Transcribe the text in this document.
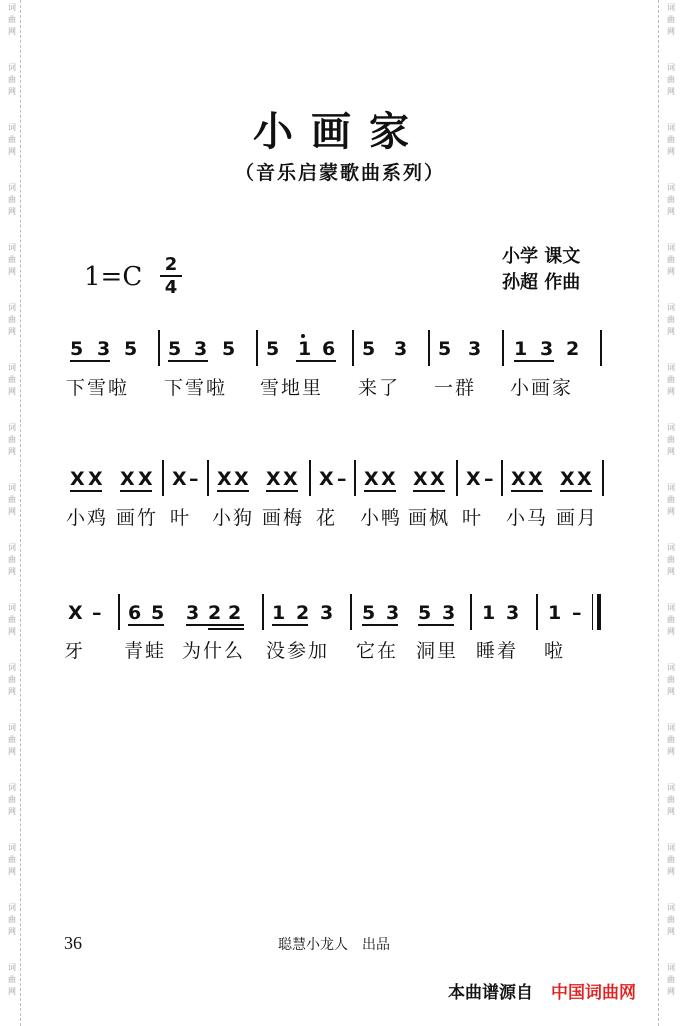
词
曲
网
词
曲
网
词
曲
网
词
曲
网
词
曲
网
词
曲
网
词
曲
网
词
曲
网
词
曲
网
词
曲
网
词
曲
网
词
曲
网
词
曲
网
词
曲
网
词
曲
网
词
曲
网
词
曲
网
词
曲
网
词
曲
网
词
曲
网
词
曲
网
词
曲
网
词
曲
网
词
曲
网
词
曲
网
词
曲
网
词
曲
网
词
曲
网
词
曲
网
词
曲
网
词
曲
网
词
曲
网
词
曲
网
词
曲
网
小画家
（音乐启蒙歌曲系列）
1=C 2
4
小学 课文
孙超 作曲
5 3 5 5 3 5 5 1 6 5 3 5 3 1 3 2
下雪啦 下雪啦 雪地里 来了 一群 小画家
X X X X X – X X X X X – X X X X X – X X X X
小鸡 画竹 叶 小狗 画梅 花 小鸭 画枫 叶 小马 画月
X – 6 5 3 2 2 1 2 3 5 3 5 3 1 3 1 –
牙 青蛙 为什么 没参加 它在 洞里 睡着 啦
36	聪慧小龙人　出品
本曲谱源自 中国词曲网
